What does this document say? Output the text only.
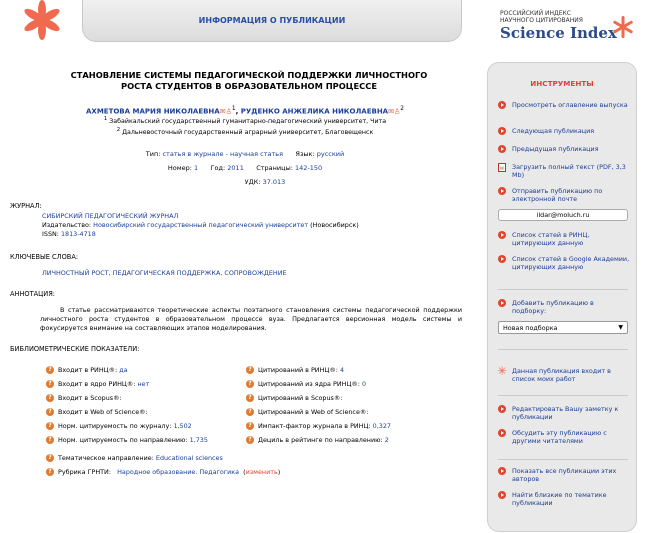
ИНФОРМАЦИЯ О ПУБЛИКАЦИИ
РОССИЙСКИЙ ИНДЕКС
НАУЧНОГО ЦИТИРОВАНИЯ
Science Index
СТАНОВЛЕНИЕ СИСТЕМЫ ПЕДАГОГИЧЕСКОЙ ПОДДЕРЖКИ ЛИЧНОСТНОГО
РОСТА СТУДЕНТОВ В ОБРАЗОВАТЕЛЬНОМ ПРОЦЕССЕ
АХМЕТОВА МАРИЯ НИКОЛАЕВНА✉♙$^1$, РУДЕНКО АНЖЕЛИКА НИКОЛАЕВНА✉♙$^2$
$^1$ Забайкальский государственный гуманитарно-педагогический университет, Чита
$^2$ Дальневосточный государственный аграрный университет, Благовещенск
Тип: статья в журнале - научная статья Язык: русский
Номер: 1 Год: 2011 Страницы: 142-150
УДК: 37.013
ЖУРНАЛ:
СИБИРСКИЙ ПЕДАГОГИЧЕСКИЙ ЖУРНАЛ
Издательство: Новосибирский государственный педагогический университет (Новосибирск)
ISSN: 1813-4718
КЛЮЧЕВЫЕ СЛОВА:
ЛИЧНОСТНЫЙ РОСТ, ПЕДАГОГИЧЕСКАЯ ПОДДЕРЖКА, СОПРОВОЖДЕНИЕ
АННОТАЦИЯ:
В статье рассматриваются теоретические аспекты поэтапного становления системы педагогической поддержки личностного роста студентов в образовательном процессе вуза. Предлагается версионная модель системы и фокусируется внимание на составляющих этапов моделирования.
БИБЛИОМЕТРИЧЕСКИЕ ПОКАЗАТЕЛИ:
? Входит в РИНЦ®: да
? Входит в ядро РИНЦ®: нет
? Входит в Scopus®:
? Входит в Web of Science®:
? Норм. цитируемость по журналу: 1,502
? Норм. цитируемость по направлению: 1,735
? Цитирований в РИНЦ®: 4
? Цитирований из ядра РИНЦ®: 0
? Цитирований в Scopus®:
? Цитирований в Web of Science®:
? Импакт-фактор журнала в РИНЦ: 0,327
? Дециль в рейтинге по направлению: 2
? Тематическое направление: Educational sciences
? Рубрика ГРНТИ: Народное образование. Педагогика  (изменить)
ИНСТРУМЕНТЫ
Просмотреть оглавление выпуска
Следующая публикация
Предыдущая публикация
▤	Загрузить полный текст (PDF, 3,3 Mb)
Отправить публикацию по электронной почте
ildar@moluch.ru
Список статей в РИНЦ, цитирующих данную
Список статей в Google Академии, цитирующих данную
Добавить публикацию в подборку:
Новая подборка	▼
✳ Данная публикация входит в список моих работ
Редактировать Вашу заметку к публикации
Обсудить эту публикацию с другими читателями
Показать все публикации этих авторов
Найти близкие по тематике публикации
